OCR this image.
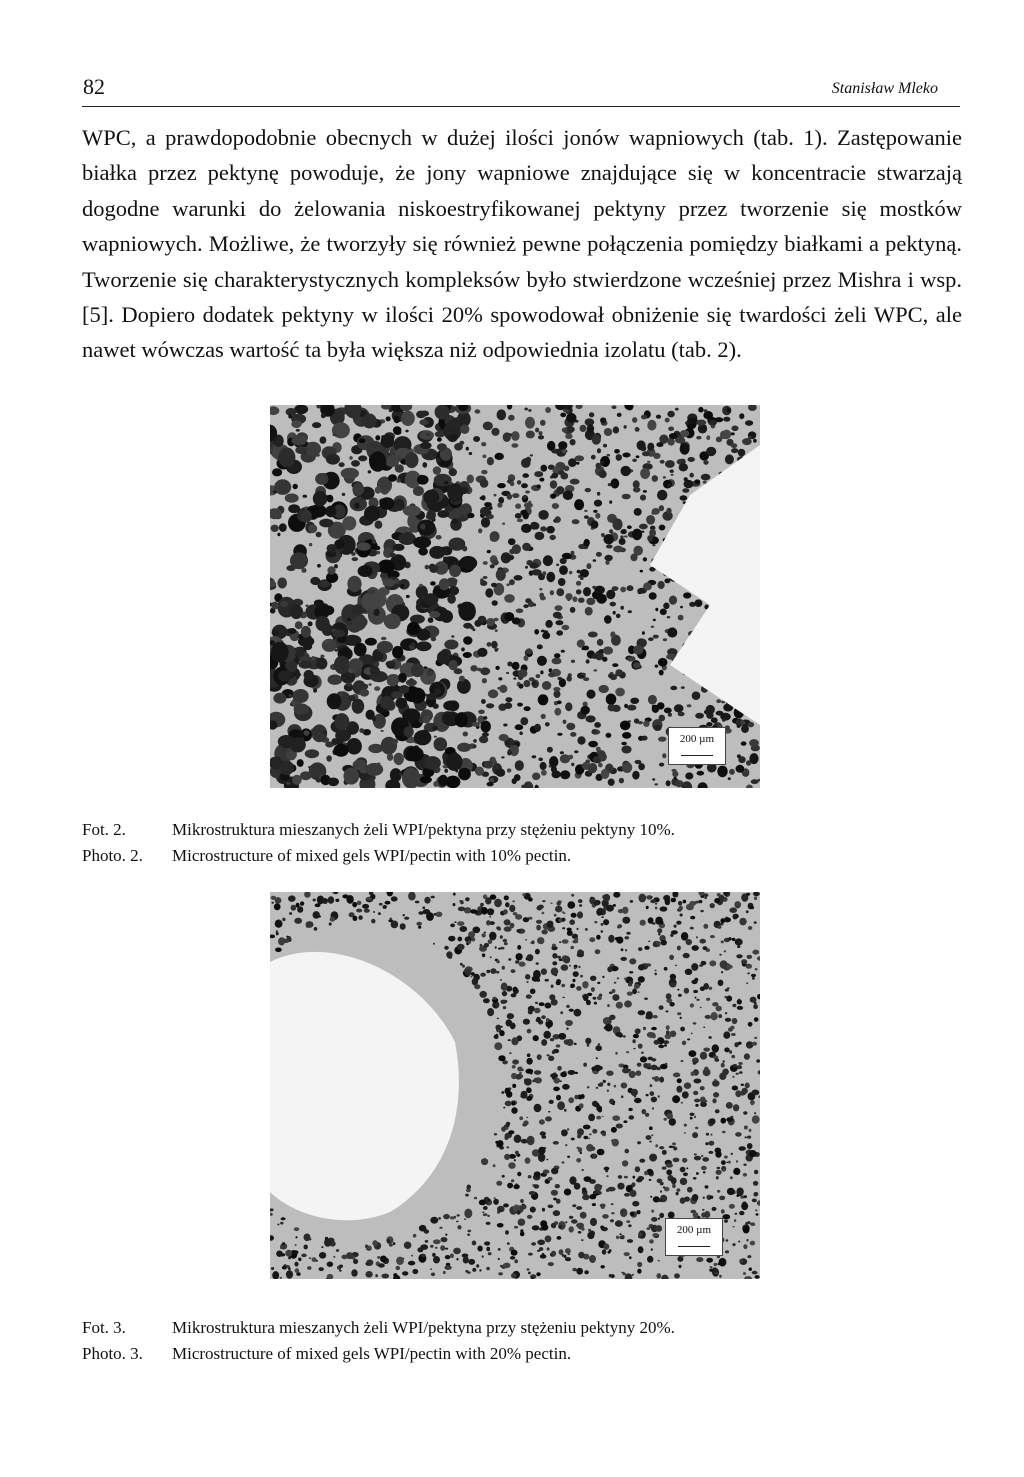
82	Stanisław Mleko

WPC, a prawdopodobnie obecnych w dużej ilości jonów wapniowych (tab. 1). Zastępowanie białka przez pektynę powoduje, że jony wapniowe znajdujące się w koncentracie stwarzają dogodne warunki do żelowania niskoestryfikowanej pektyny przez tworzenie się mostków wapniowych. Możliwe, że tworzyły się również pewne połączenia pomiędzy białkami a pektyną. Tworzenie się charakterystycznych kompleksów było stwierdzone wcześniej przez Mishra i wsp. [5]. Dopiero dodatek pektyny w ilości 20% spowodował obniżenie się twardości żeli WPC, ale nawet wówczas wartość ta była większa niż odpowiednia izolatu (tab. 2).

200 µm
Fot. 2.	Mikrostruktura mieszanych żeli WPI/pektyna przy stężeniu pektyny 10%.
Photo. 2. Microstructure of mixed gels WPI/pectin with 10% pectin.
200 µm
Fot. 3.	Mikrostruktura mieszanych żeli WPI/pektyna przy stężeniu pektyny 20%.
Photo. 3. Microstructure of mixed gels WPI/pectin with 20% pectin.
